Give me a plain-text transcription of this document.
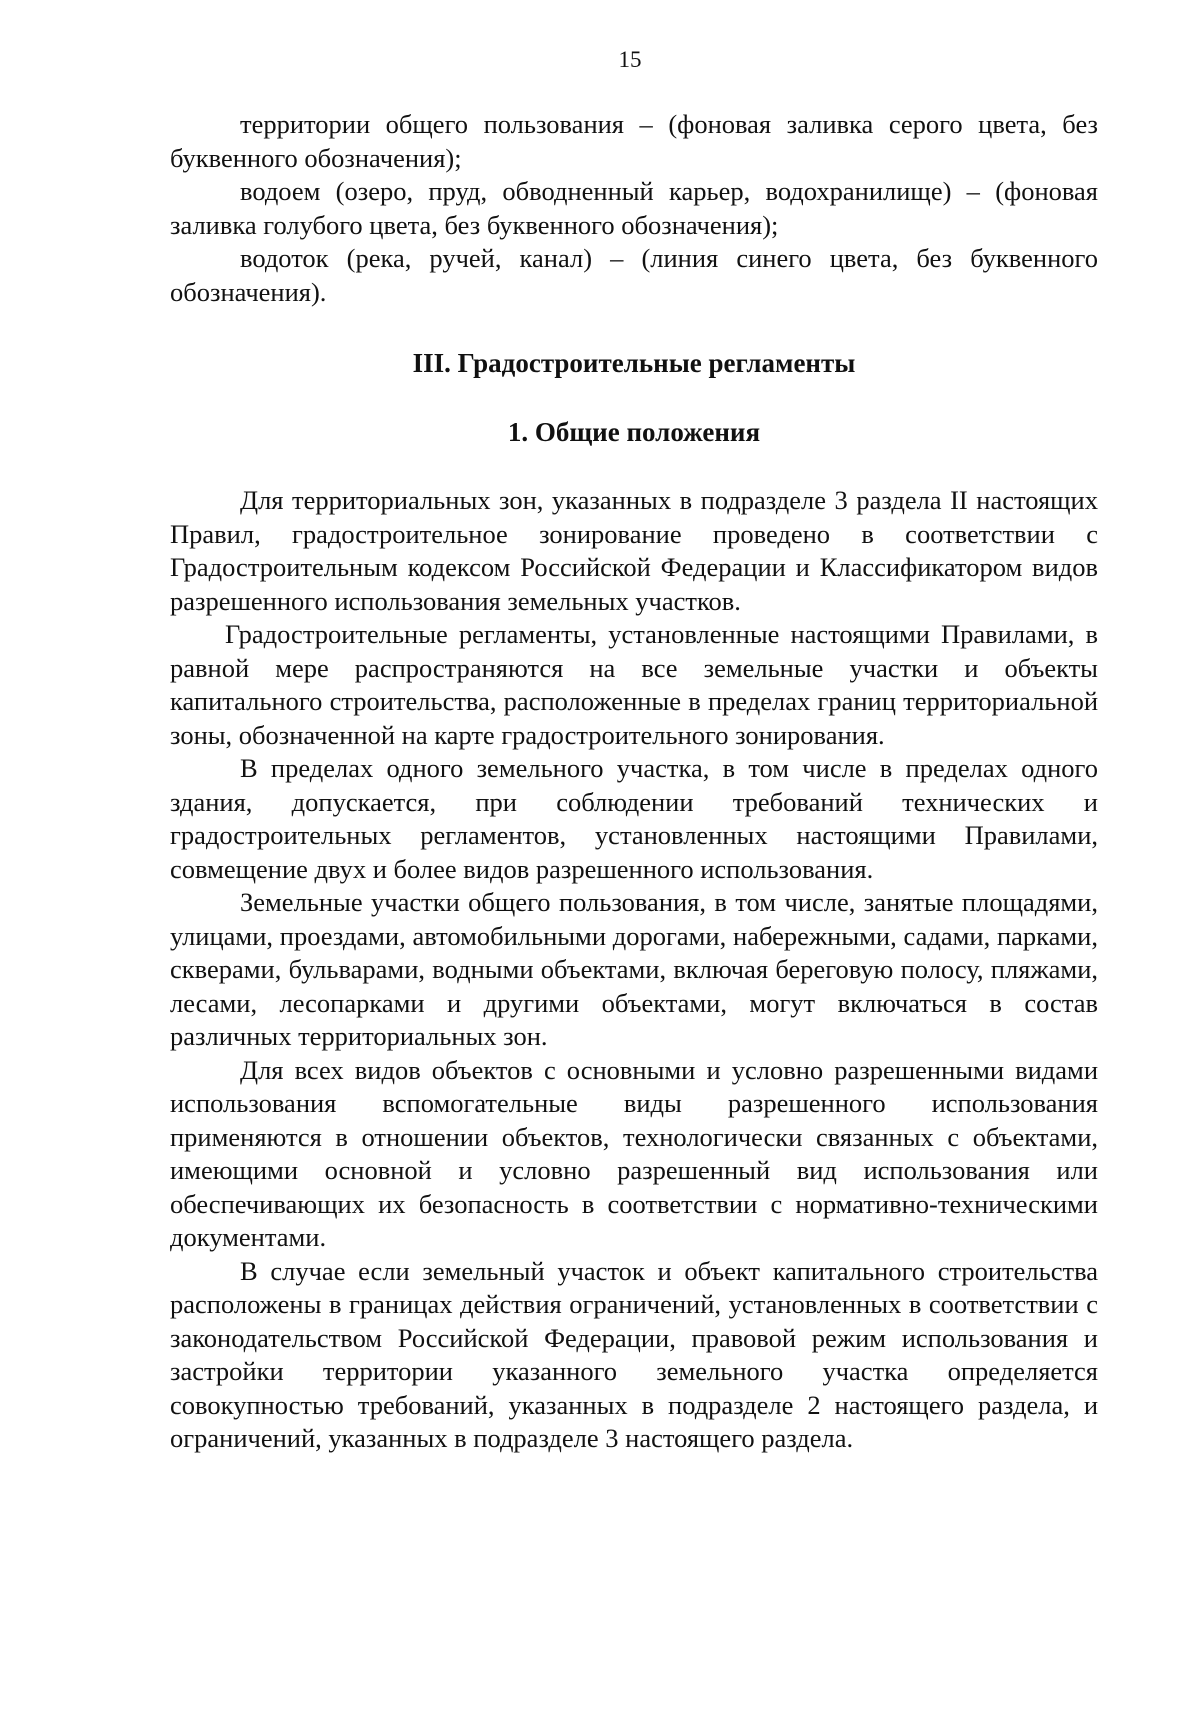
15

территории общего пользования – (фоновая заливка серого цвета, без буквенного обозначения);

водоем (озеро, пруд, обводненный карьер, водохранилище) – (фоновая заливка голубого цвета, без буквенного обозначения);

водоток (река, ручей, канал) – (линия синего цвета, без буквенного обозначения).

III. Градостроительные регламенты
1. Общие положения

Для территориальных зон, указанных в подразделе 3 раздела II настоящих Правил, градостроительное зонирование проведено в соответствии с Градостроительным кодексом Российской Федерации и Классификатором видов разрешенного использования земельных участков.

Градостроительные регламенты, установленные настоящими Правилами, в равной мере распространяются на все земельные участки и объекты капитального строительства, расположенные в пределах границ территориальной зоны, обозначенной на карте градостроительного зонирования.

В пределах одного земельного участка, в том числе в пределах одного здания, допускается, при соблюдении требований технических и градостроительных регламентов, установленных настоящими Правилами, совмещение двух и более видов разрешенного использования.

Земельные участки общего пользования, в том числе, занятые площадями, улицами, проездами, автомобильными дорогами, набережными, садами, парками, скверами, бульварами, водными объектами, включая береговую полосу, пляжами, лесами, лесопарками и другими объектами, могут включаться в состав различных территориальных зон.

Для всех видов объектов с основными и условно разрешенными видами использования вспомогательные виды разрешенного использования применяются в отношении объектов, технологически связанных с объектами, имеющими основной и условно разрешенный вид использования или обеспечивающих их безопасность в соответствии с нормативно-техническими документами.

В случае если земельный участок и объект капитального строительства расположены в границах действия ограничений, установленных в соответствии с законодательством Российской Федерации, правовой режим использования и застройки территории указанного земельного участка определяется совокупностью требований, указанных в подразделе 2 настоящего раздела, и ограничений, указанных в подразделе 3 настоящего раздела.
